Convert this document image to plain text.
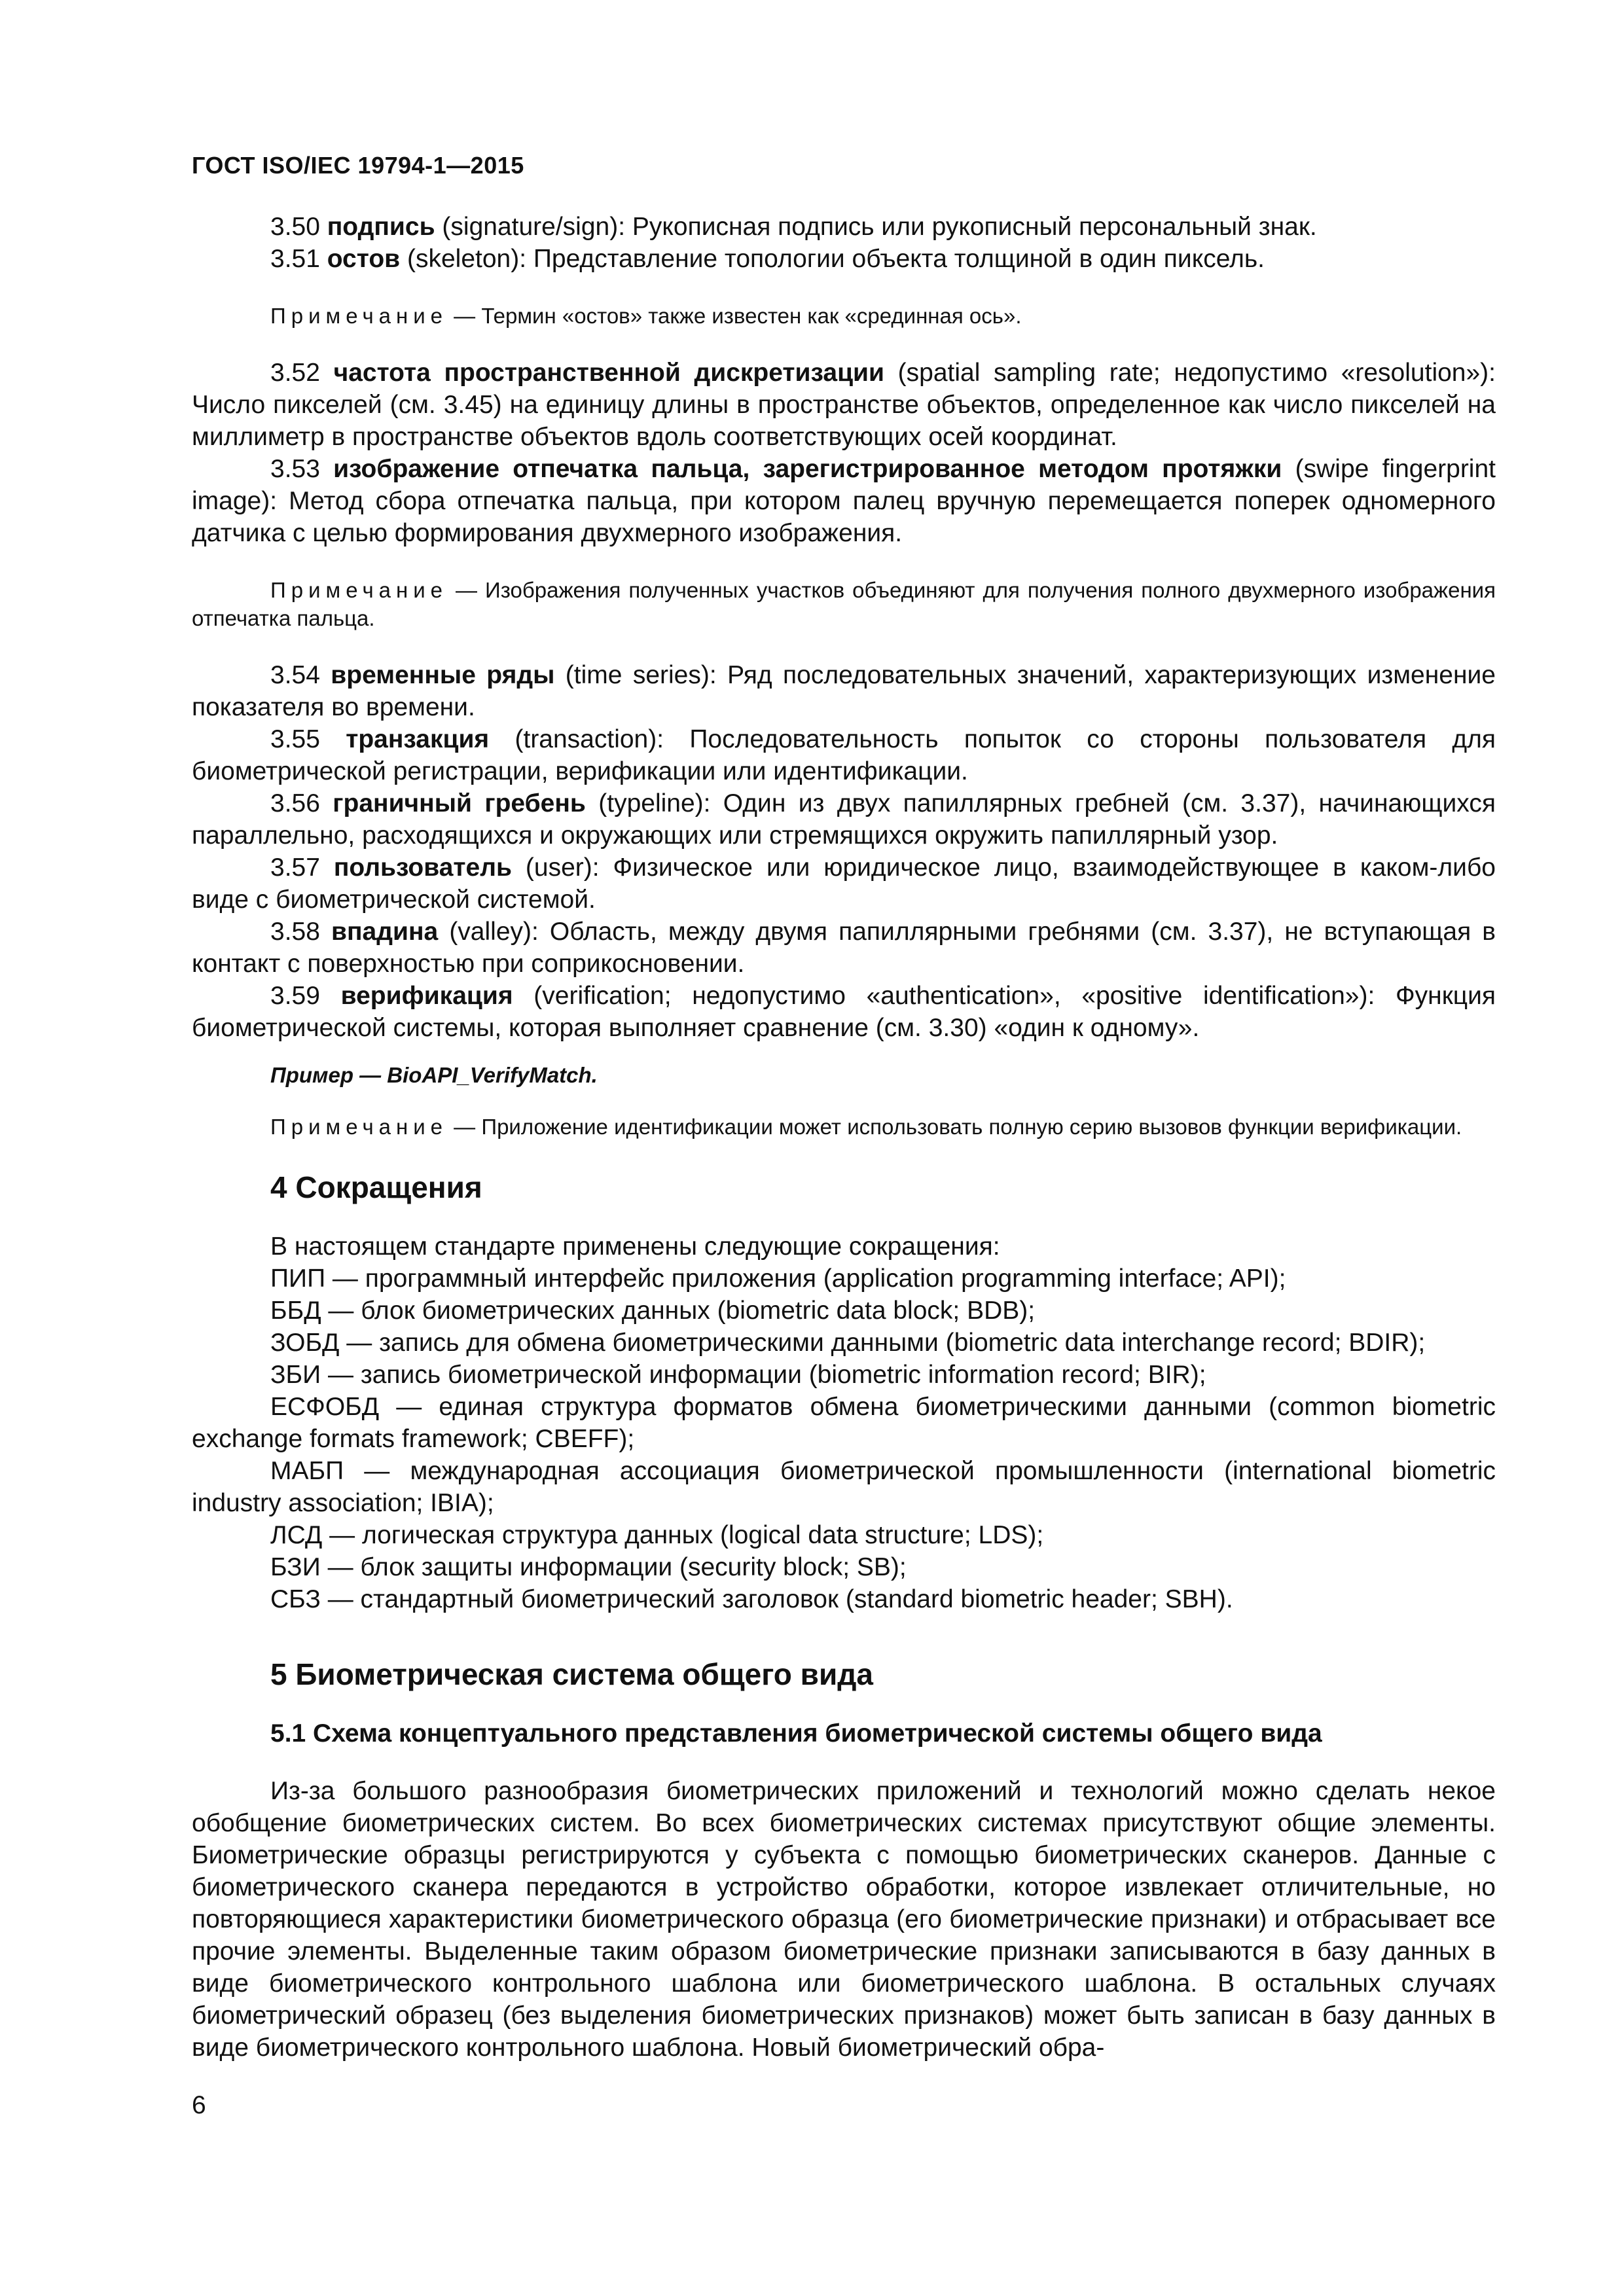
ГОСТ ISO/IEC 19794-1—2015

3.50 подпись (signature/sign): Рукописная подпись или рукописный персональный знак.

3.51 остов (skeleton): Представление топологии объекта толщиной в один пиксель.

Примечание — Термин «остов» также известен как «срединная ось».

3.52 частота пространственной дискретизации (spatial sampling rate; недопустимо «resolution»): Число пикселей (см. 3.45) на единицу длины в пространстве объектов, определенное как число пикселей на миллиметр в пространстве объектов вдоль соответствующих осей координат.

3.53 изображение отпечатка пальца, зарегистрированное методом протяжки (swipe fingerprint image): Метод сбора отпечатка пальца, при котором палец вручную перемещается поперек одномерного датчика с целью формирования двухмерного изображения.

Примечание — Изображения полученных участков объединяют для получения полного двухмерного изображения отпечатка пальца.

3.54 временные ряды (time series): Ряд последовательных значений, характеризующих изменение показателя во времени.

3.55 транзакция (transaction): Последовательность попыток со стороны пользователя для биометрической регистрации, верификации или идентификации.

3.56 граничный гребень (typeline): Один из двух папиллярных гребней (см. 3.37), начинающихся параллельно, расходящихся и окружающих или стремящихся окружить папиллярный узор.

3.57 пользователь (user): Физическое или юридическое лицо, взаимодействующее в каком-либо виде с биометрической системой.

3.58 впадина (valley): Область, между двумя папиллярными гребнями (см. 3.37), не вступающая в контакт с поверхностью при соприкосновении.

3.59 верификация (verification; недопустимо «authentication», «positive identification»): Функция биометрической системы, которая выполняет сравнение (см. 3.30) «один к одному».

Пример — BioAPI_VerifyMatch.

Примечание — Приложение идентификации может использовать полную серию вызовов функции верификации.

4 Сокращения

В настоящем стандарте применены следующие сокращения:

ПИП — программный интерфейс приложения (application programming interface; API);

ББД — блок биометрических данных (biometric data block; BDB);

ЗОБД — запись для обмена биометрическими данными (biometric data interchange record; BDIR);

ЗБИ — запись биометрической информации (biometric information record; BIR);

ЕСФОБД — единая структура форматов обмена биометрическими данными (common biometric exchange formats framework; CBEFF);

МАБП — международная ассоциация биометрической промышленности (international biometric industry association; IBIA);

ЛСД — логическая структура данных (logical data structure; LDS);

БЗИ — блок защиты информации (security block; SB);

СБЗ — стандартный биометрический заголовок (standard biometric header; SBH).

5 Биометрическая система общего вида
5.1 Схема концептуального представления биометрической системы общего вида

Из-за большого разнообразия биометрических приложений и технологий можно сделать некое обобщение биометрических систем. Во всех биометрических системах присутствуют общие элементы. Биометрические образцы регистрируются у субъекта с помощью биометрических сканеров. Данные с биометрического сканера передаются в устройство обработки, которое извлекает отличительные, но повторяющиеся характеристики биометрического образца (его биометрические признаки) и отбрасывает все прочие элементы. Выделенные таким образом биометрические признаки записываются в базу данных в виде биометрического контрольного шаблона или биометрического шаблона. В остальных случаях биометрический образец (без выделения биометрических признаков) может быть записан в базу данных в виде биометрического контрольного шаблона. Новый биометрический обра-

6
